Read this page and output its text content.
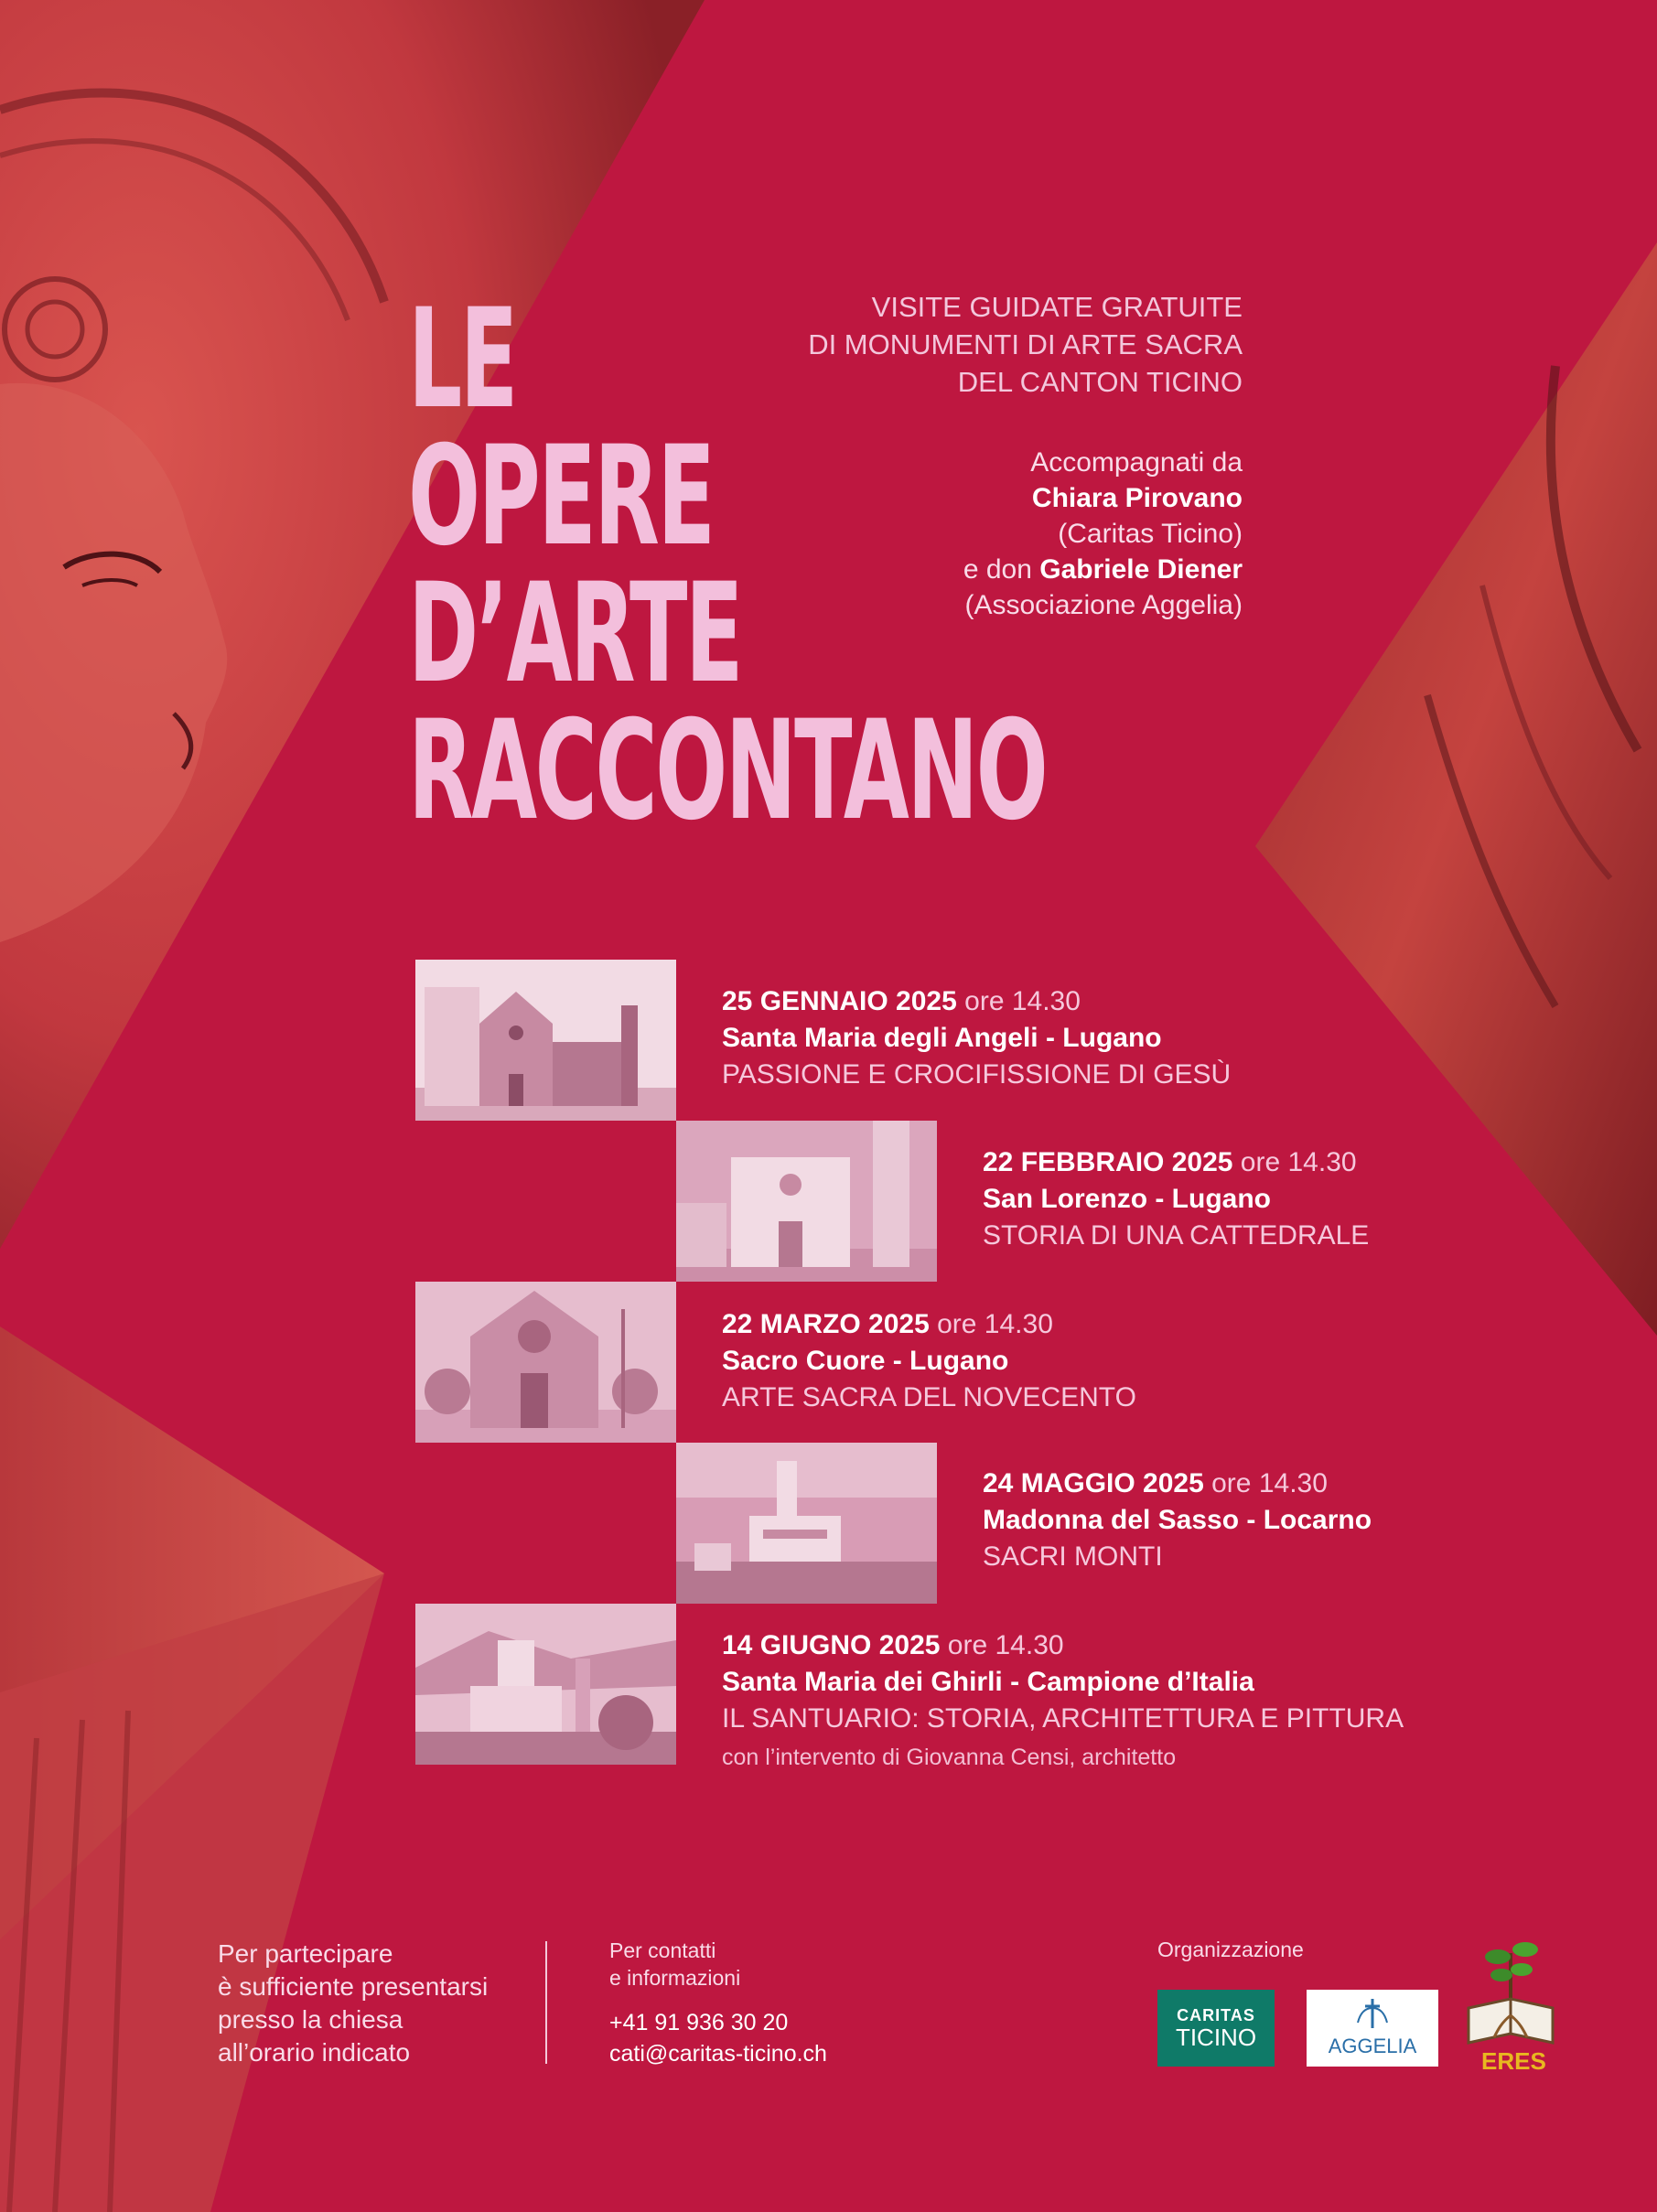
LE
OPERE
D’ARTE
RACCONTANO

VISITE GUIDATE GRATUITE

DI MONUMENTI DI ARTE SACRA

DEL CANTON TICINO

Accompagnati da

Chiara Pirovano

(Caritas Ticino)

e don Gabriele Diener

(Associazione Aggelia)

25 GENNAIO 2025 ore 14.30

Santa Maria degli Angeli - Lugano

PASSIONE E CROCIFISSIONE DI GESÙ

22 FEBBRAIO 2025 ore 14.30

San Lorenzo - Lugano

STORIA DI UNA CATTEDRALE

22 MARZO 2025 ore 14.30

Sacro Cuore - Lugano

ARTE SACRA DEL NOVECENTO

24 MAGGIO 2025 ore 14.30

Madonna del Sasso - Locarno

SACRI MONTI

14 GIUGNO 2025 ore 14.30

Santa Maria dei Ghirli - Campione d’Italia

IL SANTUARIO: STORIA, ARCHITETTURA E PITTURA

con l’intervento di Giovanna Censi, architetto

Per partecipare

è sufficiente presentarsi

presso la chiesa

all’orario indicato

Per contatti

e informazioni

+41 91 936 30 20

cati@caritas-ticino.ch

Organizzazione

CARITAS
TICINO	AGGELIA
ERES
